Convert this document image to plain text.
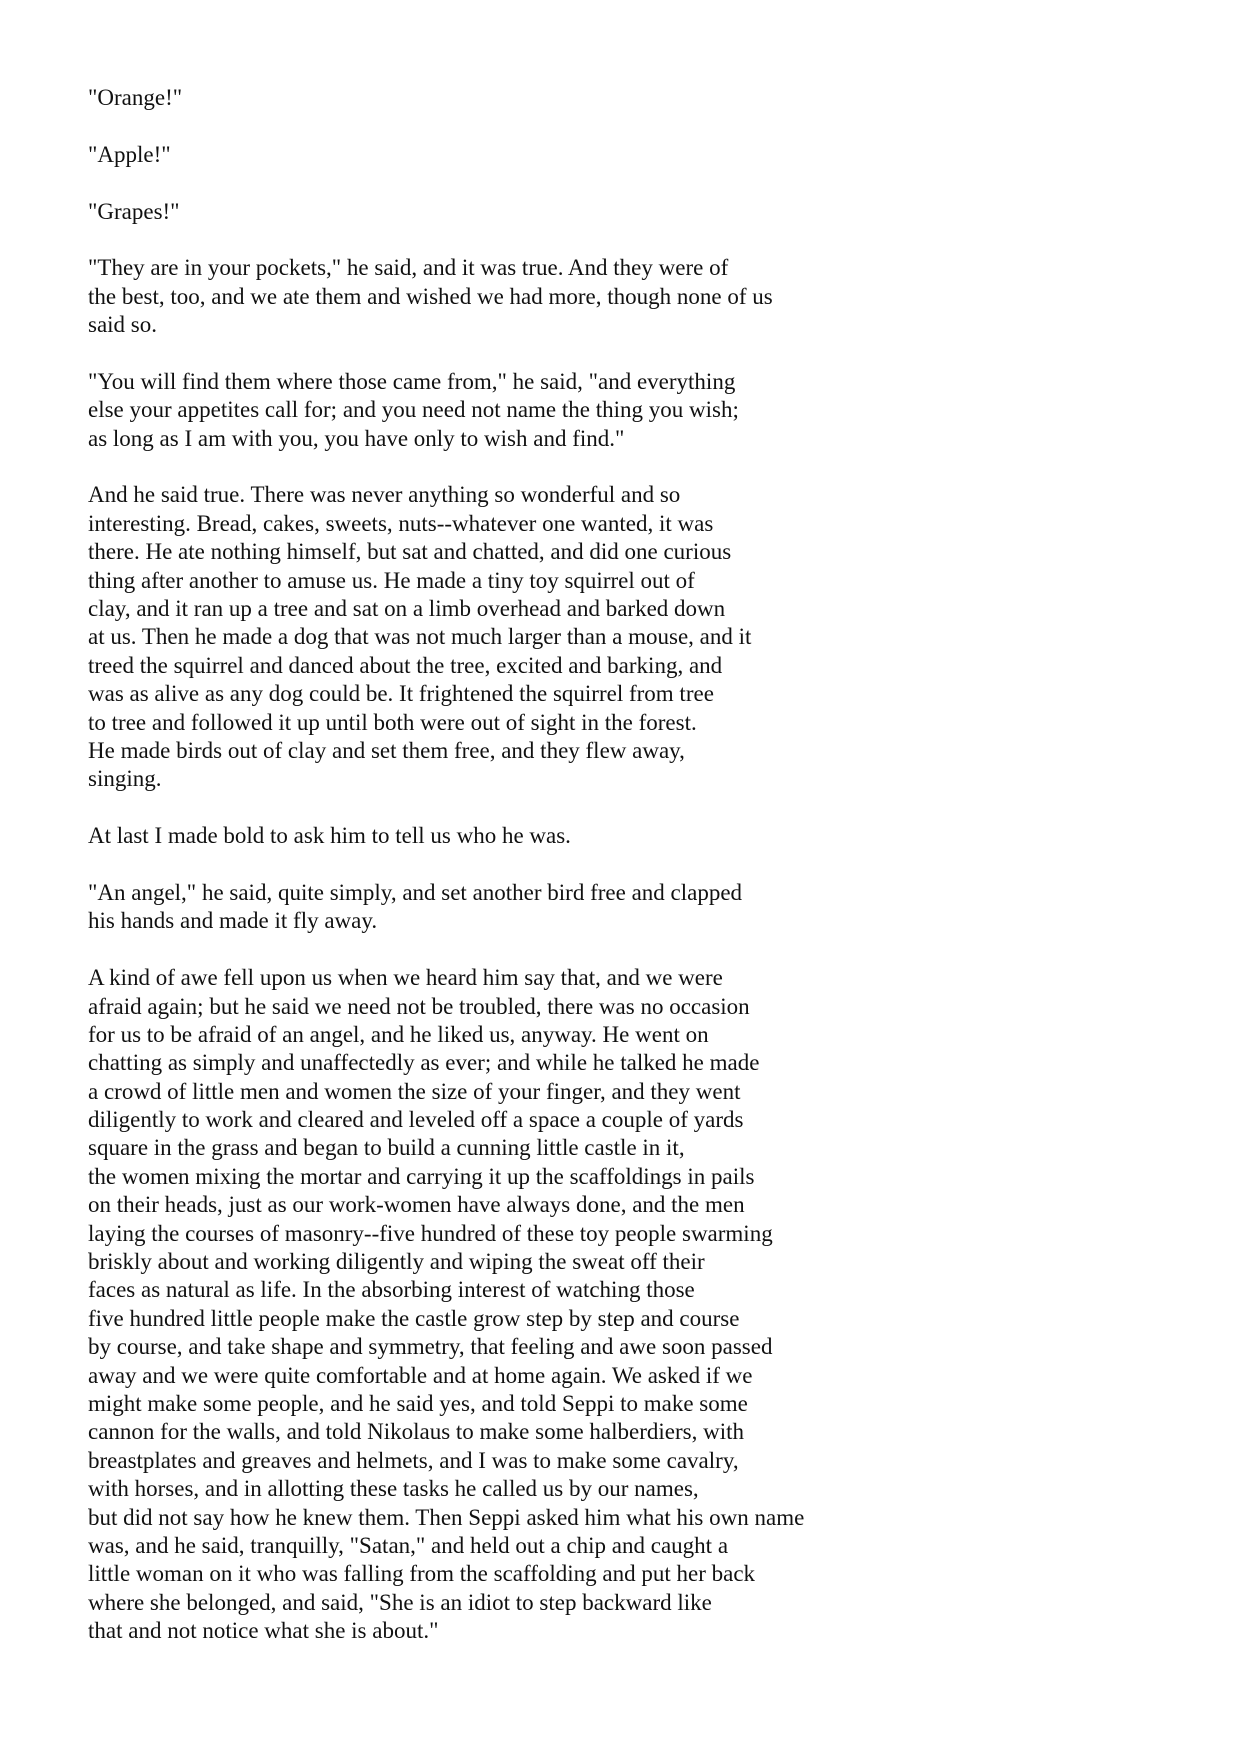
"Orange!"

"Apple!"

"Grapes!"

"They are in your pockets," he said, and it was true. And they were of
the best, too, and we ate them and wished we had more, though none of us
said so.

"You will find them where those came from," he said, "and everything
else your appetites call for; and you need not name the thing you wish;
as long as I am with you, you have only to wish and find."

And he said true. There was never anything so wonderful and so
interesting. Bread, cakes, sweets, nuts--whatever one wanted, it was
there. He ate nothing himself, but sat and chatted, and did one curious
thing after another to amuse us. He made a tiny toy squirrel out of
clay, and it ran up a tree and sat on a limb overhead and barked down
at us. Then he made a dog that was not much larger than a mouse, and it
treed the squirrel and danced about the tree, excited and barking, and
was as alive as any dog could be. It frightened the squirrel from tree
to tree and followed it up until both were out of sight in the forest.
He made birds out of clay and set them free, and they flew away,
singing.

At last I made bold to ask him to tell us who he was.

"An angel," he said, quite simply, and set another bird free and clapped
his hands and made it fly away.

A kind of awe fell upon us when we heard him say that, and we were
afraid again; but he said we need not be troubled, there was no occasion
for us to be afraid of an angel, and he liked us, anyway. He went on
chatting as simply and unaffectedly as ever; and while he talked he made
a crowd of little men and women the size of your finger, and they went
diligently to work and cleared and leveled off a space a couple of yards
square in the grass and began to build a cunning little castle in it,
the women mixing the mortar and carrying it up the scaffoldings in pails
on their heads, just as our work-women have always done, and the men
laying the courses of masonry--five hundred of these toy people swarming
briskly about and working diligently and wiping the sweat off their
faces as natural as life. In the absorbing interest of watching those
five hundred little people make the castle grow step by step and course
by course, and take shape and symmetry, that feeling and awe soon passed
away and we were quite comfortable and at home again. We asked if we
might make some people, and he said yes, and told Seppi to make some
cannon for the walls, and told Nikolaus to make some halberdiers, with
breastplates and greaves and helmets, and I was to make some cavalry,
with horses, and in allotting these tasks he called us by our names,
but did not say how he knew them. Then Seppi asked him what his own name
was, and he said, tranquilly, "Satan," and held out a chip and caught a
little woman on it who was falling from the scaffolding and put her back
where she belonged, and said, "She is an idiot to step backward like
that and not notice what she is about."
